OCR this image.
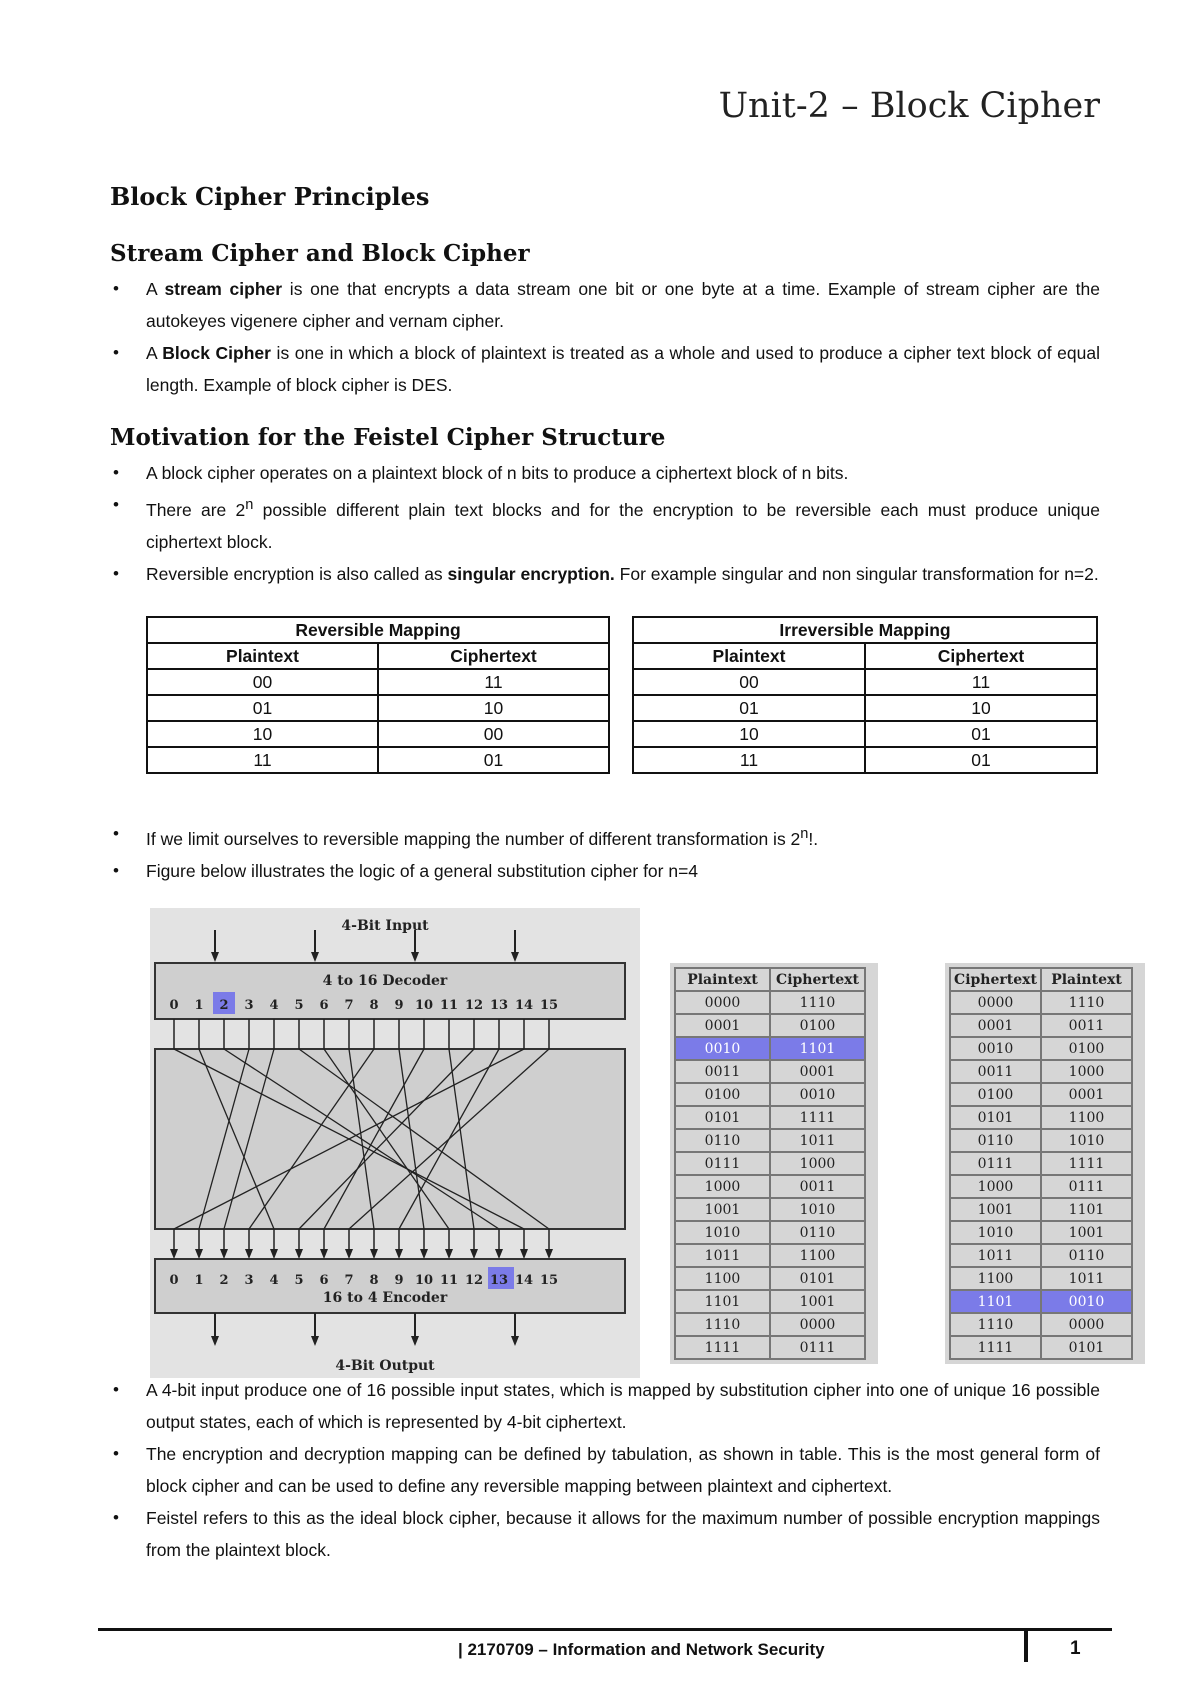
Unit-2 – Block Cipher
Block Cipher Principles
Stream Cipher and Block Cipher
• A stream cipher is one that encrypts a data stream one bit or one byte at a time. Example of stream cipher are the autokeyes vigenere cipher and vernam cipher.
• A Block Cipher is one in which a block of plaintext is treated as a whole and used to produce a cipher text block of equal length. Example of block cipher is DES.
Motivation for the Feistel Cipher Structure
• A block cipher operates on a plaintext block of n bits to produce a ciphertext block of n bits.
• There are 2$^n$ possible different plain text blocks and for the encryption to be reversible each must produce unique ciphertext block.
• Reversible encryption is also called as singular encryption. For example singular and non singular transformation for n=2.
Reversible Mapping	
Plaintext	Ciphertext
00	11
01	10
10	00
11	01
Irreversible Mapping	
Plaintext	Ciphertext
00	11
01	10
10	01
11	01
• If we limit ourselves to reversible mapping the number of different transformation is 2$^n$!.
• Figure below illustrates the logic of a general substitution cipher for n=4
0
0
1
1
2
2
3
3
4
4
5
5
6
6
7
7
8
8
9
9
10
10
11
11
12
12
13
13
14
14
15
15
4-Bit Input
4 to 16 Decoder
16 to 4 Encoder
4-Bit Output
Plaintext	Ciphertext
0000	1110
0001	0100
0010	1101
0011	0001
0100	0010
0101	1111
0110	1011
0111	1000
1000	0011
1001	1010
1010	0110
1011	1100
1100	0101
1101	1001
1110	0000
1111	0111
Ciphertext	Plaintext
0000	1110
0001	0011
0010	0100
0011	1000
0100	0001
0101	1100
0110	1010
0111	1111
1000	0111
1001	1101
1010	1001
1011	0110
1100	1011
1101	0010
1110	0000
1111	0101
• A 4-bit input produce one of 16 possible input states, which is mapped by substitution cipher into one of unique 16 possible output states, each of which is represented by 4-bit ciphertext.
• The encryption and decryption mapping can be defined by tabulation, as shown in table. This is the most general form of block cipher and can be used to define any reversible mapping between plaintext and ciphertext.
• Feistel refers to this as the ideal block cipher, because it allows for the maximum number of possible encryption mappings from the plaintext block.
| 2170709 – Information and Network Security	1
